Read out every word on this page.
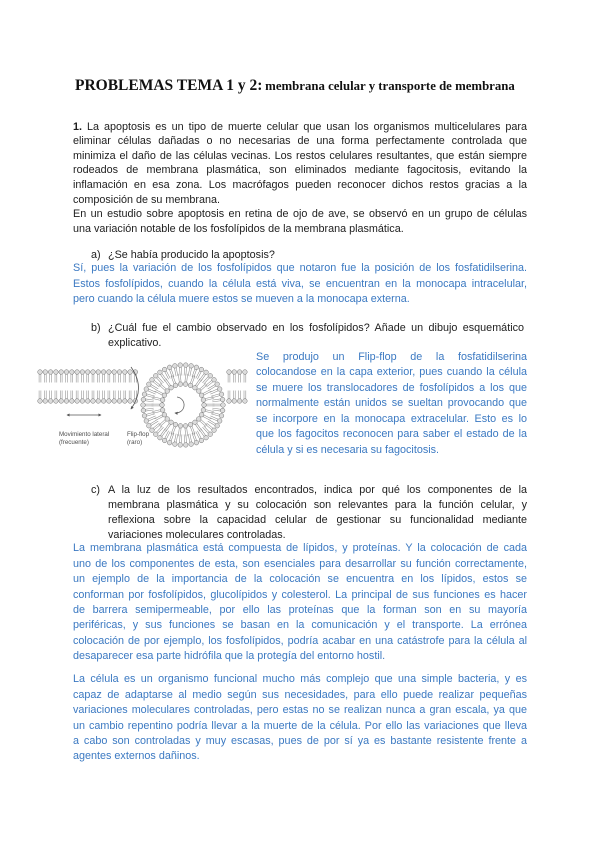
PROBLEMAS TEMA 1 y 2: membrana celular y transporte de membrana
1. La apoptosis es un tipo de muerte celular que usan los organismos multicelulares para
eliminar células dañadas o no necesarias de una forma perfectamente controlada que
minimiza el daño de las células vecinas. Los restos celulares resultantes, que están siempre
rodeados de membrana plasmática, son eliminados mediante fagocitosis, evitando la
inflamación en esa zona. Los macrófagos pueden reconocer dichos restos gracias a la
composición de su membrana.
En un estudio sobre apoptosis en retina de ojo de ave, se observó en un grupo de células
una variación notable de los fosfolípidos de la membrana plasmática.
a) ¿Se había producido la apoptosis?
Sí, pues la variación de los fosfolípidos que notaron fue la posición de los fosfatidilserina.
Estos fosfolípidos, cuando la célula está viva, se encuentran en la monocapa intracelular,
pero cuando la célula muere estos se mueven a la monocapa externa.
b) ¿Cuál fue el cambio observado en los fosfolípidos? Añade un dibujo esquemático
explicativo.
Movimiento lateral
(frecuente)
Flip-flop
(raro)
Se produjo un Flip-flop de la fosfatidilserina
colocandose en la capa exterior, pues cuando la célula
se muere los translocadores de fosfolípidos a los que
normalmente están unidos se sueltan provocando que
se incorpore en la monocapa extracelular. Esto es lo
que los fagocitos reconocen para saber el estado de la
célula y si es necesaria su fagocitosis.
c) A la luz de los resultados encontrados, indica por qué los componentes de la
membrana plasmática y su colocación son relevantes para la función celular, y
reflexiona sobre la capacidad celular de gestionar su funcionalidad mediante
variaciones moleculares controladas.
La membrana plasmática está compuesta de lípidos, y proteínas. Y la colocación de cada
uno de los componentes de esta, son esenciales para desarrollar su función correctamente,
un ejemplo de la importancia de la colocación se encuentra en los lípidos, estos se
conforman por fosfolípidos, glucolípidos y colesterol. La principal de sus funciones es hacer
de barrera semipermeable, por ello las proteínas que la forman son en su mayoría
periféricas, y sus funciones se basan en la comunicación y el transporte. La errónea
colocación de por ejemplo, los fosfolípidos, podría acabar en una catástrofe para la célula al
desaparecer esa parte hidrófila que la protegía del entorno hostil.
La célula es un organismo funcional mucho más complejo que una simple bacteria, y es
capaz de adaptarse al medio según sus necesidades, para ello puede realizar pequeñas
variaciones moleculares controladas, pero estas no se realizan nunca a gran escala, ya que
un cambio repentino podría llevar a la muerte de la célula. Por ello las variaciones que lleva
a cabo son controladas y muy escasas, pues de por sí ya es bastante resistente frente a
agentes externos dañinos.
